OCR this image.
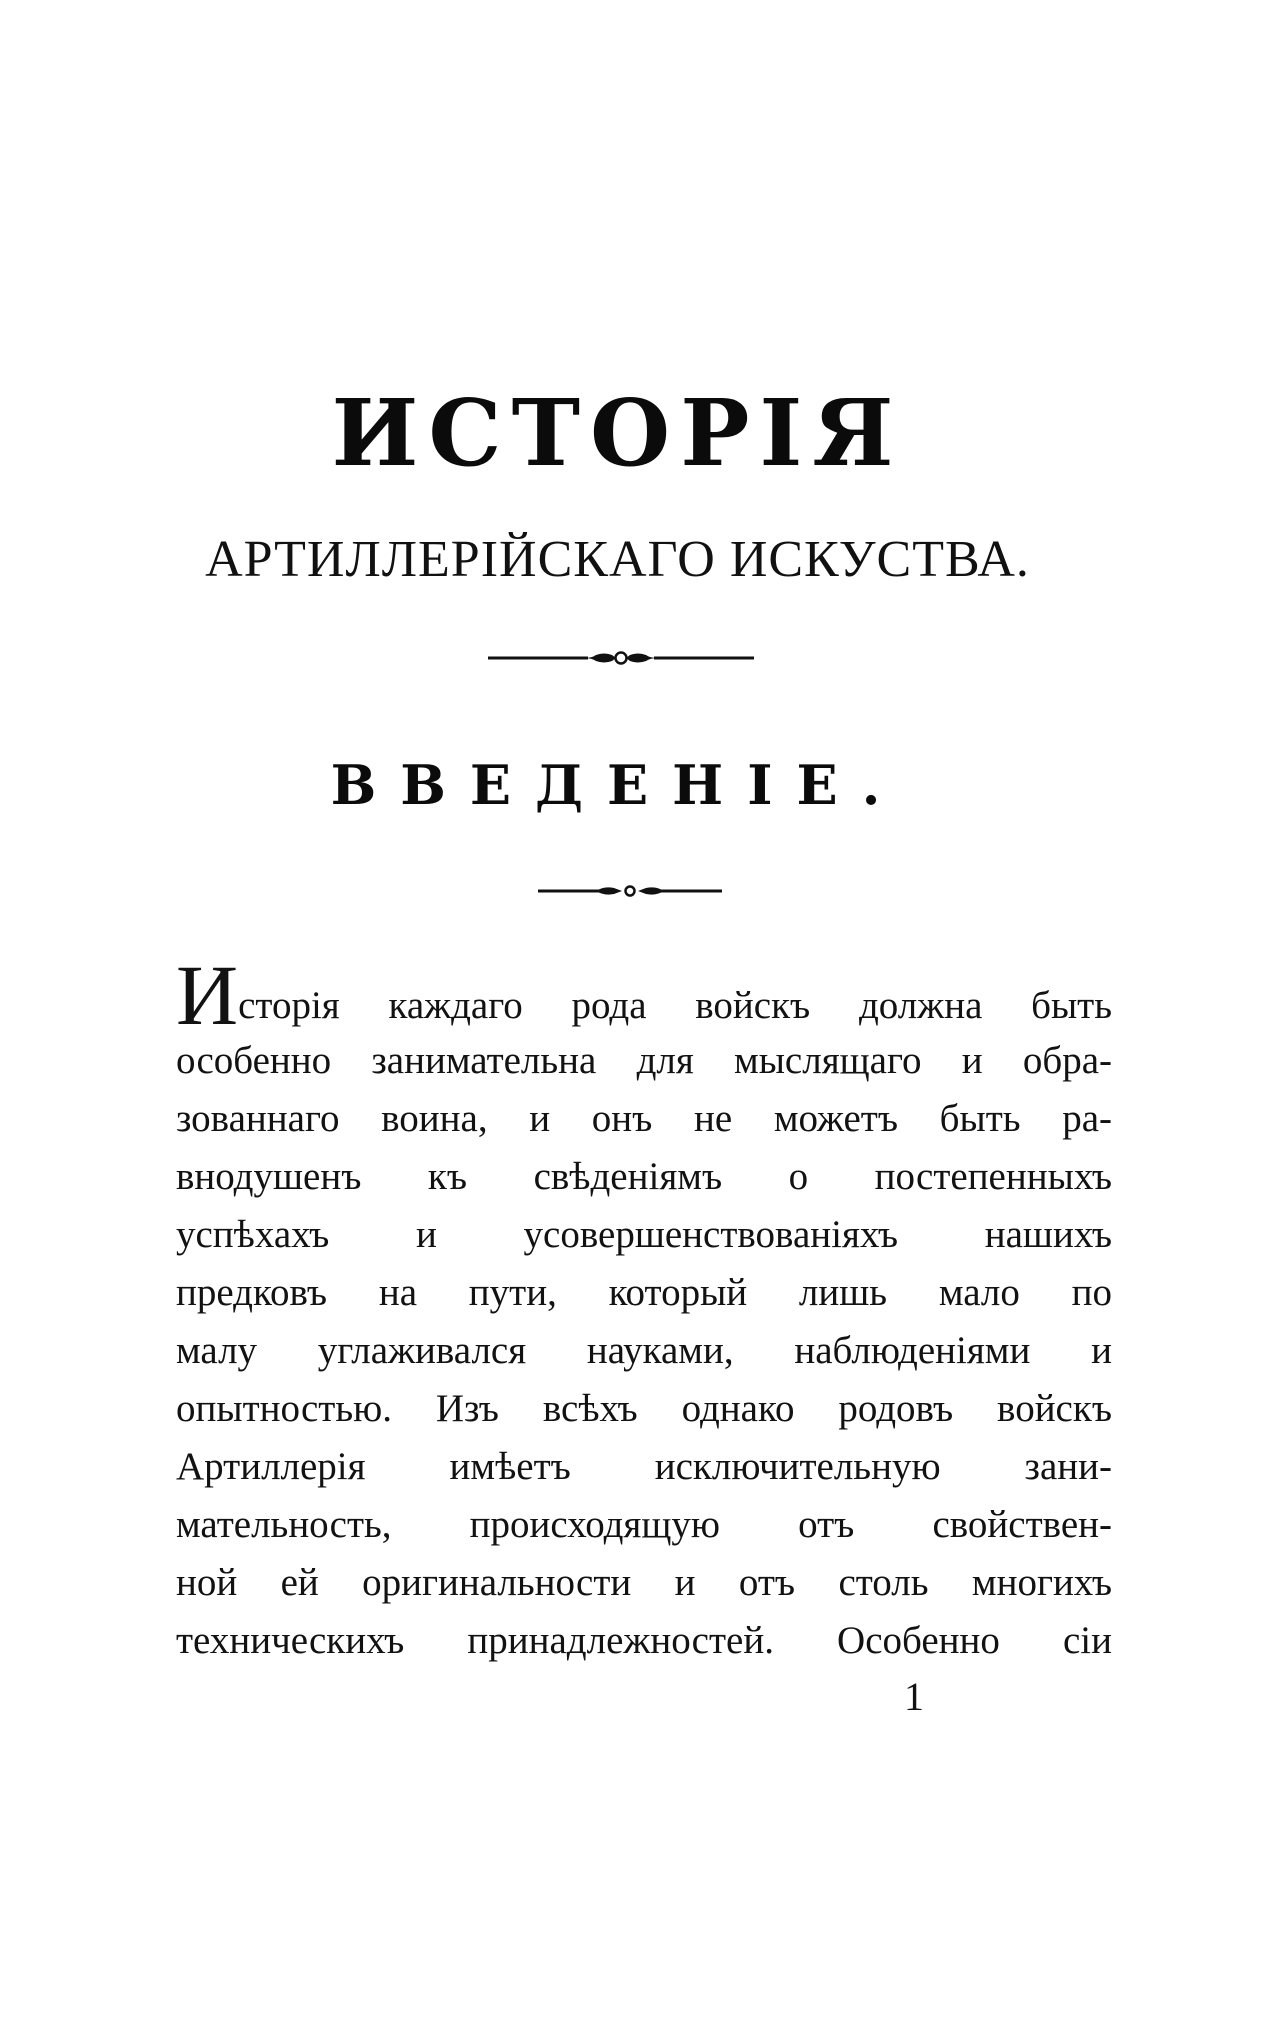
ИСТОРІЯ
АРТИЛЛЕРІЙСКАГО ИСКУСТВА.
ВВЕДЕНІЕ.
Исторія каждаго рода войскъ должна быть
особенно занимательна для мыслящаго и обра-
зованнаго воина, и онъ не можетъ быть ра-
внодушенъ къ свѣденіямъ о постепенныхъ
успѣхахъ и усовершенствованіяхъ нашихъ
предковъ на пути, который лишь мало по
малу углаживался науками, наблюденіями и
опытностью. Изъ всѣхъ однако родовъ войскъ
Артиллерія имѣетъ исключительную зани-
мательность, происходящую отъ свойствен-
ной ей оригинальности и отъ столь многихъ
техническихъ принадлежностей. Особенно сіи
1
